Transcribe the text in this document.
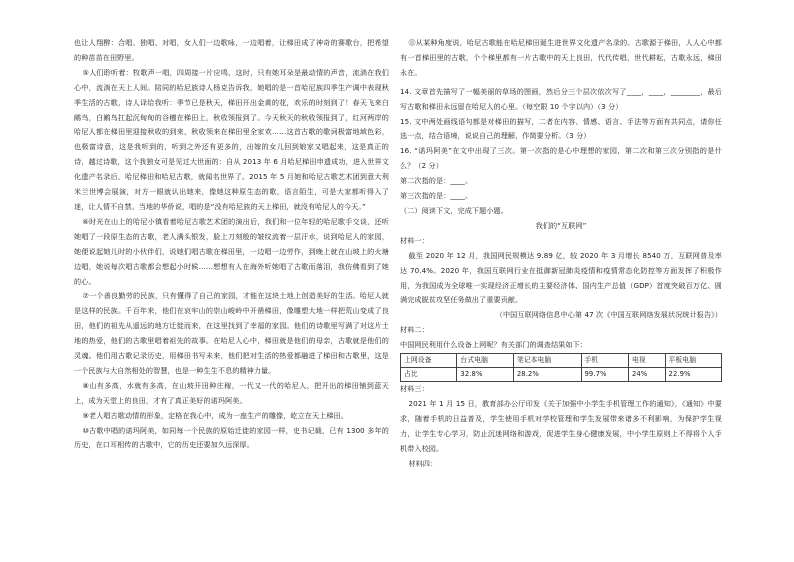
也让人翔醉：合唱、独唱、对唱，女人们一边歌咏，一边唱着，让梯田成了神奇的赛歌台，把希望的种苗苗在田野里。

⑤人们聆听着：牧歌声一唱，四周接一片应鸣，这时，只有她耳朵是最动情的声音，流淌在我们心中，流淌在天上人间。陪同的哈尼族诗人杨克告诉我，她唱的是一首哈尼族四季生产调中表现秋季生活的古歌，诗人译给我听：季节已是秋天，梯田开出金黄的花，欢乐的时刻到了！春天飞来白鹇鸟，白鹇鸟扛起沉甸甸的谷穗在梯田上，秋收领报到了。今天秋天的秋收领报到了，红河两岸的哈尼人都在梯田里迎接秋收的到来，秋收领来在梯田里全家欢……这首古歌的歌词极富地域色彩，也极富诗意，这是我听到的，听到之外还有更多的，出嫁的女儿回到娘家又唱起来，这是真正的诗，越过诗歌，这个我独女可是见过大世面的：自从 2013 年 6 月哈尼梯田申遗成功，进入世界文化遗产名录后，哈尼梯田和哈尼古歌，就闻名世界了。2015 年 5 月她和哈尼古歌艺术团到意大利米兰世博会展演，对方一眼就认出她来，像她这种原生态的歌，语言陌生，可是大家都听得入了迷，让人情不自禁。当地的华侨说，唱的是“没有哈尼族的天上梯田，就没有哈尼人的今天。”

⑥时光在山上的哈尼小镇看着哈尼古歌艺术团的演出后，我们和一位年轻的哈尼歌手交谈，还听她唱了一段原生态的古歌，老人满头银发，脸上刀刻般的皱纹流着一层汗水，说到哈尼人的家园，她便说起她儿时的小伙伴们，说她们唱古歌在梯田里，一边唱一边劳作，到晚上就在山坡上的火塘边唱，她说每次唱古歌都会想起小时候……想想有人在海外听她唱了古歌而落泪，我仿佛看到了她的心。

⑦一个善良勤劳的民族，只有懂得了自己的家园，才能在这块土地上创造美好的生活。哈尼人就是这样的民族。千百年来，他们在哀牢山的崇山峻岭中开凿梯田，像雕塑大地一样把荒山变成了良田，他们的祖先从遥远的地方迁徙而来，在这里找到了幸福的家园。他们的诗歌里写满了对这片土地的热爱，他们的古歌里唱着祖先的故事。在哈尼人心中，梯田就是他们的母亲，古歌就是他们的灵魂。他们用古歌记录历史，用梯田书写未来，他们把对生活的热爱都融进了梯田和古歌里，这是一个民族与大自然相处的智慧，也是一种生生不息的精神力量。

⑧山有多高，水就有多高，在山坡开田种庄稼，一代又一代的哈尼人，把开出的梯田铺到蓝天上，成为天堂上的良田，才有了真正美好的诺玛阿美。

⑨老人唱古歌动情的形象，定格在我心中，成为一座生产的雕像，屹立在天上梯田。

⑩古歌中唱的诺玛阿美，如同每一个民族的原始迁徙的家园一样，史书记载，已有 1300 多年的历史，在口耳相传的古歌中，它的历史还要加久远深厚。

⑪从某种角度说，哈尼古歌能在哈尼梯田诞生进世界文化遗产名录的。古歌源于梯田，人人心中都有一首梯田里的古歌，个个梯里都有一片古歌中的天上良田，代代传唱，世代耕耘，古歌永远，梯田永在。

14. 文章首先描写了一幅美丽的草场的图画，然后分三个层次依次写了____，____，________，最后写古歌和梯田永远留在哈尼人的心里。（每空限 10 个字以内）（3 分）

15. 文中两处画线语句都是对梯田的描写，二者在内容、情感、语言、手法等方面有共同点，请你任选一点，结合语境，说说自己的理解，作简要分析。（3 分）

16. “诺玛阿美”在文中出现了三次。第一次指的是心中理想的家园，第二次和第三次分别指的是什么？（2 分）

第二次指的是：____。

第三次指的是：____。

（二）阅读下文，完成下题小题。

我们的“互联网”

材料一：

截至 2020 年 12 月，我国网民规模达 9.89 亿，较 2020 年 3 月增长 8540 万，互联网普及率达 70.4%。2020 年，我国互联网行业在抵御新冠肺炎疫情和疫情常态化防控等方面发挥了积极作用，为我国成为全球唯一实现经济正增长的主要经济体、国内生产总值（GDP）首度突破百万亿、圆满完成脱贫攻坚任务做出了重要贡献。

（中国互联网络信息中心第 47 次《中国互联网络发展状况统计报告》）

材料二：

中国网民利用什么设备上网呢？有关部门的调查结果如下：

上网设备	台式电脑	笔记本电脑	手机	电视	平板电脑
占比	32.8%	28.2%	99.7%	24%	22.9%

材料三：

2021 年 1 月 15 日，教育部办公厅印发《关于加强中小学生手机管理工作的通知》，《通知》中要求，随着手机的日益普及，学生使用手机对学校管理和学生发展带来诸多不利影响，为保护学生视力，让学生专心学习，防止沉迷网络和游戏，促进学生身心健康发展，中小学生原则上不得将个人手机带入校园。

材料四：
